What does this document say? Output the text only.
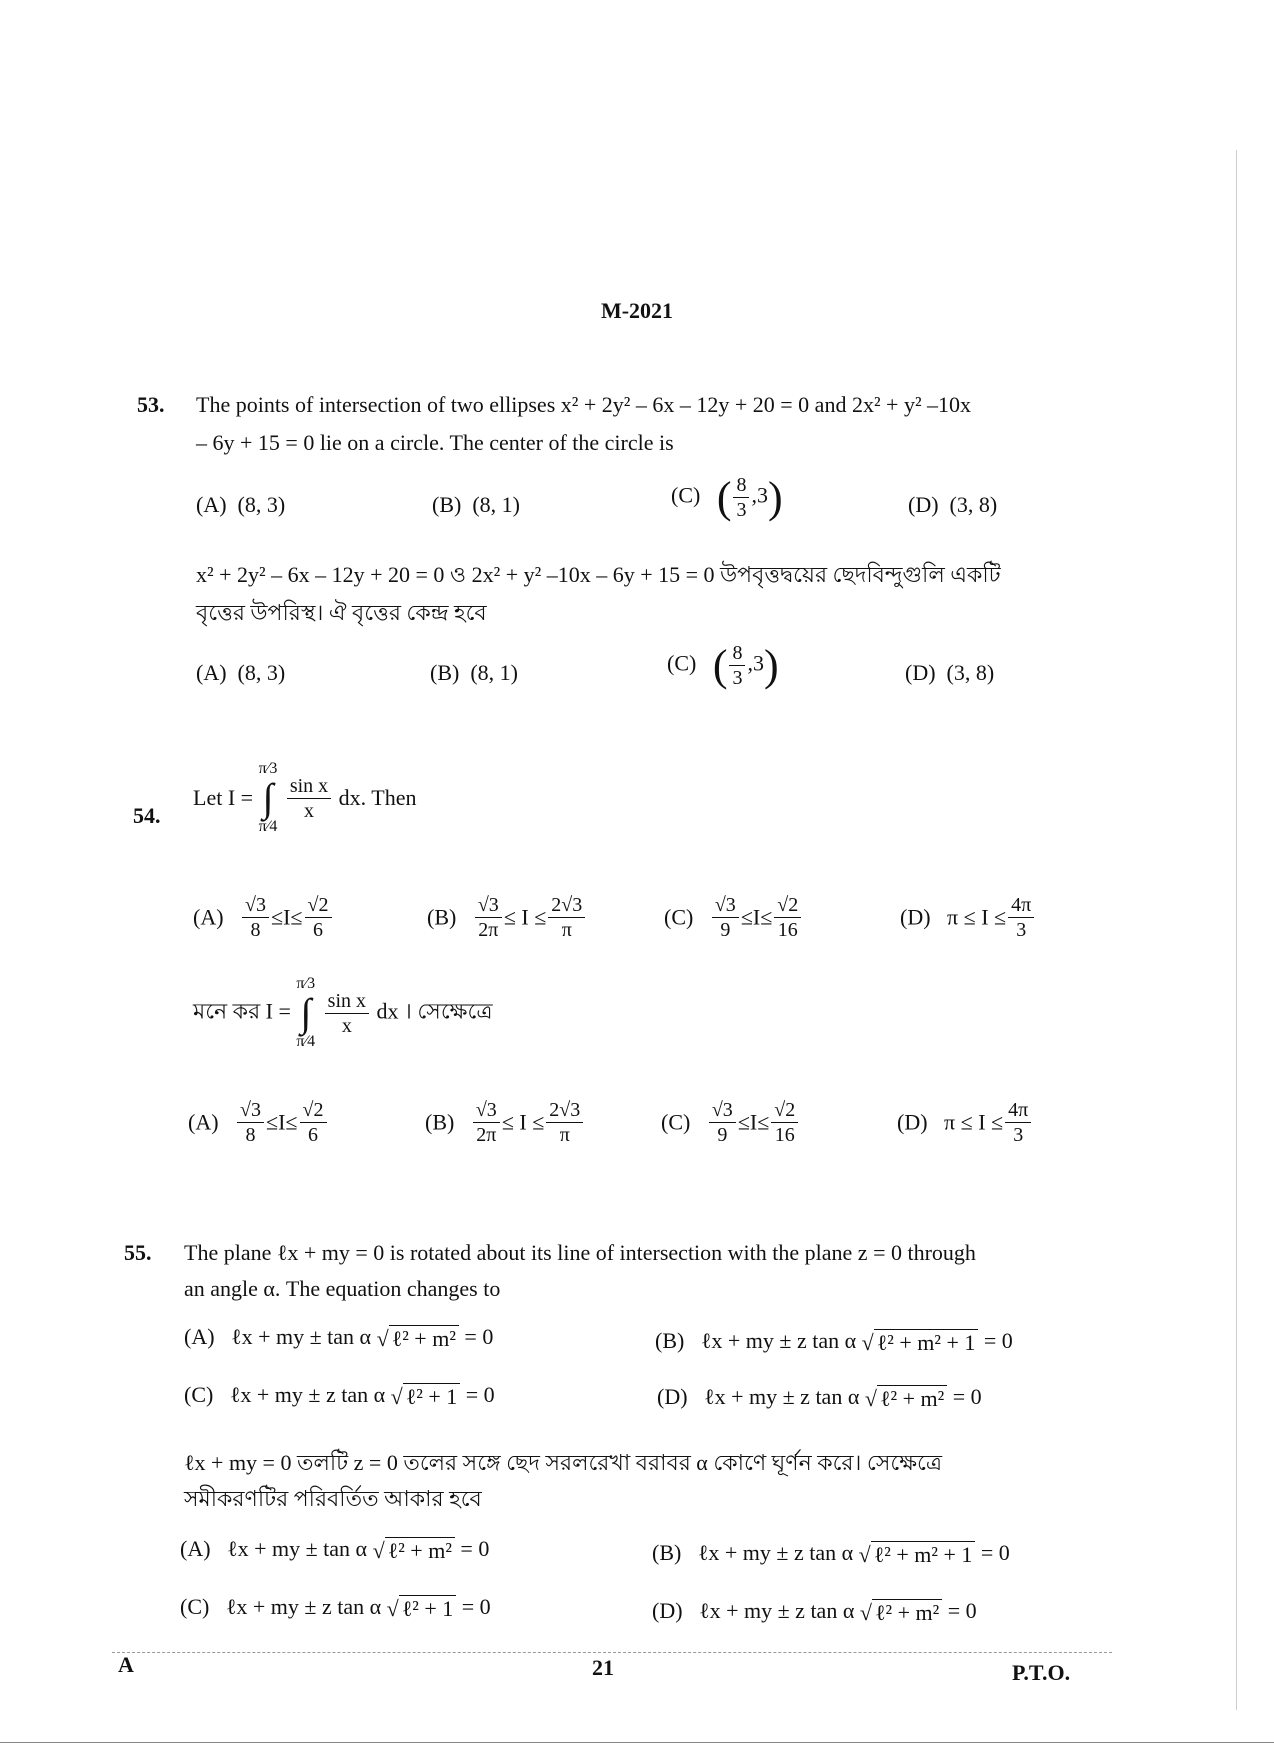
M-2021
53. The points of intersection of two ellipses x² + 2y² – 6x – 12y + 20 = 0 and 2x² + y² –10x
– 6y + 15 = 0 lie on a circle. The center of the circle is
(A) (8, 3)	(B) (8, 1)	(C) ( $\frac{8}{3} ,3$)	(D) (3, 8)
x² + 2y² – 6x – 12y + 20 = 0 ও 2x² + y² –10x – 6y + 15 = 0 উপবৃত্তদ্বয়ের ছেদবিন্দুগুলি একটি
বৃত্তের উপরিস্থ। ঐ বৃত্তের কেন্দ্র হবে
(A) (8, 3)	(B) (8, 1)	(C) ( $\frac{8}{3} ,3$)	(D) (3, 8)
54.
Let I = π⁄3
∫
π⁄4
$\frac{\text{sin x}}{x}$ dx. Then
$(A) \frac{√3}{8} \le I\le \frac{√2}{6}$	$(B) \frac{√3}{2\pi} \le I \le \frac{2√3}{\pi}$	$(C) \frac{√3}{9} \le I\le \frac{√2}{16}$	(D) $\pi \le I \le \frac{4\pi}{3}$
মনে কর I = π⁄3
∫
π⁄4
$\frac{\text{sin x}}{x}$ dx । সেক্ষেত্রে
$(A) \frac{√3}{8} \le I\le \frac{√2}{6}$	$(B) \frac{√3}{2\pi} \le I \le \frac{2√3}{\pi}$	$(C) \frac{√3}{9} \le I\le \frac{√2}{16}$	(D) $\pi \le I \le \frac{4\pi}{3}$
55. The plane ℓx + my = 0 is rotated about its line of intersection with the plane z = 0 through
an angle α. The equation changes to
(A) ℓx + my ± tan α √ ℓ² + m² = 0	(B) ℓx + my ± z tan α √ ℓ² + m² + 1 = 0
(C) ℓx + my ± z tan α √ ℓ² + 1 = 0	(D) ℓx + my ± z tan α √ ℓ² + m² = 0
ℓx + my = 0 তলটি z = 0 তলের সঙ্গে ছেদ সরলরেখা বরাবর α কোণে ঘূর্ণন করে। সেক্ষেত্রে
সমীকরণটির পরিবর্তিত আকার হবে
(A) ℓx + my ± tan α √ ℓ² + m² = 0	(B) ℓx + my ± z tan α √ ℓ² + m² + 1 = 0
(C) ℓx + my ± z tan α √ ℓ² + 1 = 0	(D) ℓx + my ± z tan α √ ℓ² + m² = 0
A	21	P.T.O.
